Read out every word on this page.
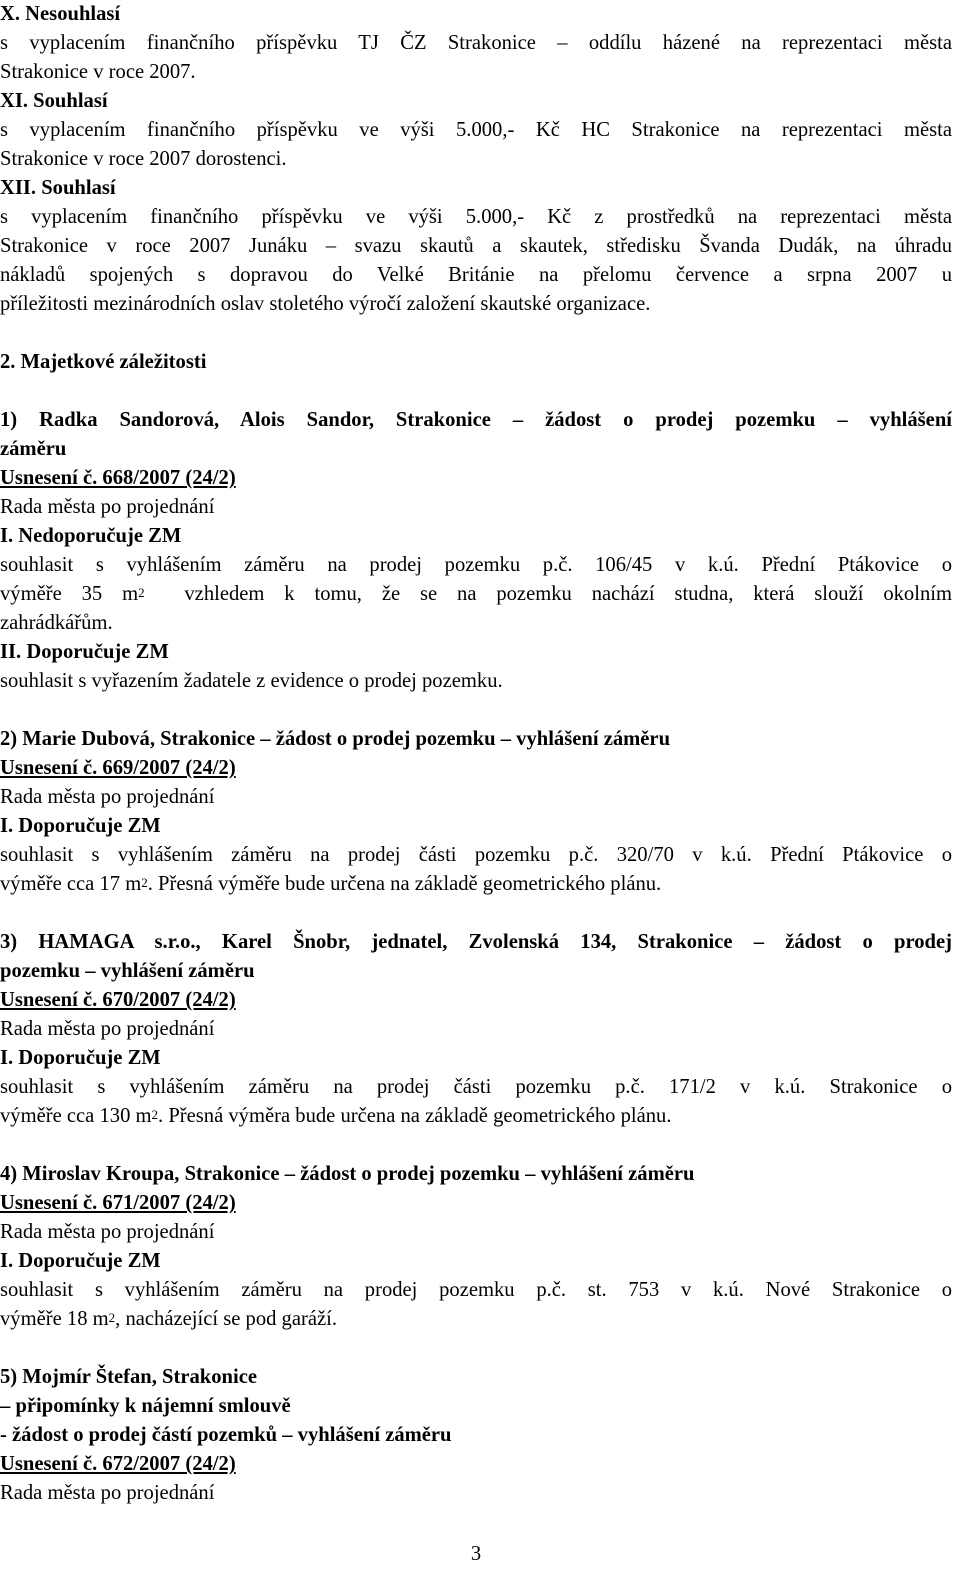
X. Nesouhlasí
s vyplacením finančního příspěvku TJ ČZ Strakonice – oddílu házené na reprezentaci města
Strakonice v roce 2007.
XI. Souhlasí
s vyplacením finančního příspěvku ve výši 5.000,- Kč HC Strakonice na reprezentaci města
Strakonice v roce 2007 dorostenci.
XII. Souhlasí
s vyplacením finančního příspěvku ve výši 5.000,- Kč z prostředků na reprezentaci města
Strakonice v roce 2007 Junáku – svazu skautů a skautek, středisku Švanda Dudák, na úhradu
nákladů spojených s dopravou do Velké Británie na přelomu července a srpna 2007 u
příležitosti mezinárodních oslav stoletého výročí založení skautské organizace.
2. Majetkové záležitosti
1) Radka Sandorová, Alois Sandor, Strakonice – žádost o prodej pozemku – vyhlášení
záměru
Usnesení č. 668/2007 (24/2)
Rada města po projednání
I. Nedoporučuje ZM
souhlasit s vyhlášením záměru na prodej pozemku p.č. 106/45 v k.ú. Přední Ptákovice o
výměře 35 $m^2$  vzhledem k tomu, že se na pozemku nachází studna, která slouží okolním
zahrádkářům.
II. Doporučuje ZM
souhlasit s vyřazením žadatele z evidence o prodej pozemku.
2) Marie Dubová, Strakonice – žádost o prodej pozemku – vyhlášení záměru
Usnesení č. 669/2007 (24/2)
Rada města po projednání
I. Doporučuje ZM
souhlasit s vyhlášením záměru na prodej části pozemku p.č. 320/70 v k.ú. Přední Ptákovice o
výměře cca 17 $m^2$. Přesná výměře bude určena na základě geometrického plánu.
3) HAMAGA s.r.o., Karel Šnobr, jednatel, Zvolenská 134, Strakonice – žádost o prodej
pozemku – vyhlášení záměru
Usnesení č. 670/2007 (24/2)
Rada města po projednání
I. Doporučuje ZM
souhlasit s vyhlášením záměru na prodej části pozemku p.č. 171/2 v k.ú. Strakonice o
výměře cca 130 $m^2$. Přesná výměra bude určena na základě geometrického plánu.
4) Miroslav Kroupa, Strakonice – žádost o prodej pozemku – vyhlášení záměru
Usnesení č. 671/2007 (24/2)
Rada města po projednání
I. Doporučuje ZM
souhlasit s vyhlášením záměru na prodej pozemku p.č. st. 753 v k.ú. Nové Strakonice o
výměře 18 $m^2$, nacházející se pod garáží.
5) Mojmír Štefan, Strakonice
– připomínky k nájemní smlouvě
- žádost o prodej částí pozemků – vyhlášení záměru
Usnesení č. 672/2007 (24/2)
Rada města po projednání
3
